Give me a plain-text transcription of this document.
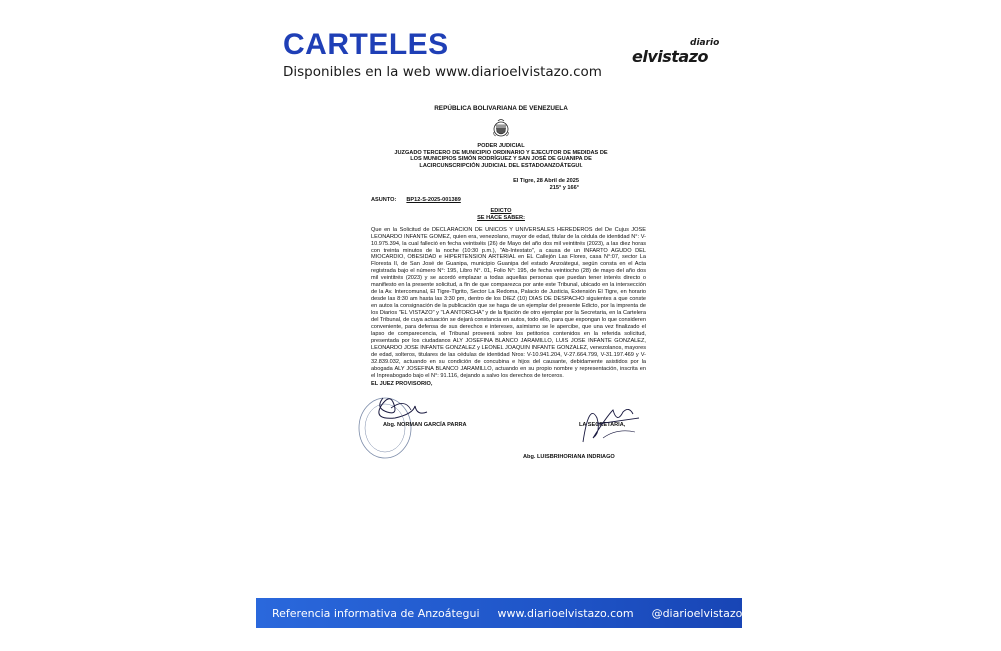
CARTELES
Disponibles en la web www.diarioelvistazo.com
diario
elvistazo
REPÚBLICA BOLIVARIANA DE VENEZUELA
PODER JUDICIAL
JUZGADO TERCERO DE MUNICIPIO ORDINARIO Y EJECUTOR DE MEDIDAS DE
LOS MUNICIPIOS SIMÓN RODRÍGUEZ Y SAN JOSÉ DE GUANIPA DE
LACIRCUNSCRIPCIÓN JUDICIAL DEL ESTADOANZOÁTEGUI.
El Tigre, 28 Abril de 2025
215° y 166°
ASUNTO: BP12-S-2025-001389
EDICTO
SE HACE SABER:
Que en la Solicitud de DECLARACION DE UNICOS Y UNIVERSALES HEREDEROS del De Cujus JOSE LEONARDO INFANTE GOMEZ, quien era, venezolano, mayor de edad, titular de la cédula de identidad N°: V-10.975.394, la cual falleció en fecha veintiséis (26) de Mayo del año dos mil veintitrés (2023), a las diez horas con treinta minutos de la noche (10:30 p.m.), "Ab-Intestato", a causa de un INFARTO AGUDO DEL MIOCARDIO, OBESIDAD e HIPERTENSION ARTERIAL en EL Callejón Las Flores, casa N°:07, sector La Floresta II, de San José de Guanipa, municipio Guanipa del estado Anzoátegui, según consta en el Acta registrada bajo el número N°: 195, Libro N°. 01, Folio N°: 195, de fecha veintiocho (28) de mayo del año dos mil veintitrés (2023) y se acordó emplazar a todas aquellas personas que puedan tener interés directo o manifiesto en la presente solicitud, a fin de que comparezca por ante este Tribunal, ubicado en la intersección de la Av. Intercomunal, El Tigre-Tigrito, Sector La Redoma, Palacio de Justicia, Extensión El Tigre, en horario desde las 8:30 am hasta las 3:30 pm, dentro de los DIEZ (10) DIAS DE DESPACHO siguientes a que conste en autos la consignación de la publicación que se haga de un ejemplar del presente Edicto, por la imprenta de los Diarios "EL VISTAZO" y "LA ANTORCHA" y de la fijación de otro ejemplar por la Secretaria, en la Cartelera del Tribunal, de cuya actuación se dejará constancia en autos, todo ello, para que expongan lo que consideren conveniente, para defensa de sus derechos e intereses, asimismo se le apercibe, que una vez finalizado el lapso de comparecencia, el Tribunal proveerá sobre los petitorios contenidos en la referida solicitud, presentada por los ciudadanos ALY JOSEFINA BLANCO JARAMILLO, LUIS JOSE INFANTE GONZALEZ, LEONARDO JOSE INFANTE GONZALEZ y LEONEL JOAQUIN INFANTE GONZALEZ, venezolanos, mayores de edad, solteros, titulares de las cédulas de identidad Nros: V-10.941.204, V-27.664.799, V-31.197.469 y V-32.839.032, actuando en su condición de concubina e hijos del causante, debidamente asistidos por la abogada ALY JOSEFINA BLANCO JARAMILLO, actuando en su propio nombre y representación, inscrita en el Inpreabogado bajo el N°: 91.116, dejando a salvo los derechos de terceros.
EL JUEZ PROVISORIO,
Abg. NORMAN GARCÍA PARRA	LA SECRETARIA,
Abg. LUISBRIHORIANA INDRIAGO
Referencia informativa de Anzoátegui www.diarioelvistazo.com @diarioelvistazo
